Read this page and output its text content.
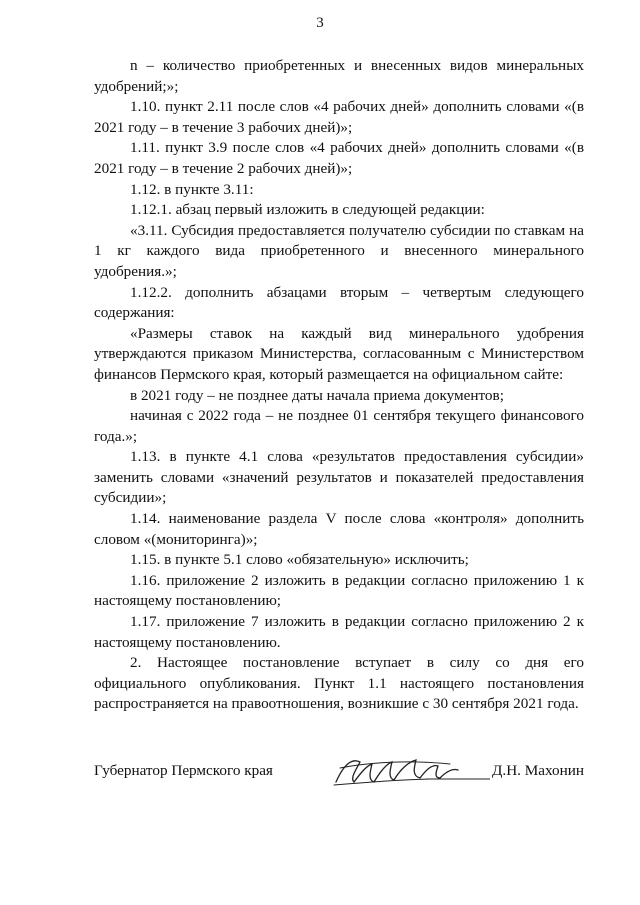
3

n – количество приобретенных и внесенных видов минеральных удобрений;»;

1.10. пункт 2.11 после слов «4 рабочих дней» дополнить словами «(в 2021 году – в течение 3 рабочих дней)»;

1.11. пункт 3.9 после слов «4 рабочих дней» дополнить словами «(в 2021 году – в течение 2 рабочих дней)»;

1.12. в пункте 3.11:

1.12.1. абзац первый изложить в следующей редакции:

«3.11. Субсидия предоставляется получателю субсидии по ставкам на 1 кг каждого вида приобретенного и внесенного минерального удобрения.»;

1.12.2. дополнить абзацами вторым – четвертым следующего содержания:

«Размеры ставок на каждый вид минерального удобрения утверждаются приказом Министерства, согласованным с Министерством финансов Пермского края, который размещается на официальном сайте:

в 2021 году – не позднее даты начала приема документов;

начиная с 2022 года – не позднее 01 сентября текущего финансового года.»;

1.13. в пункте 4.1 слова «результатов предоставления субсидии» заменить словами «значений результатов и показателей предоставления субсидии»;

1.14. наименование раздела V после слова «контроля» дополнить словом «(мониторинга)»;

1.15. в пункте 5.1 слово «обязательную» исключить;

1.16. приложение 2 изложить в редакции согласно приложению 1 к настоящему постановлению;

1.17. приложение 7 изложить в редакции согласно приложению 2 к настоящему постановлению.

2. Настоящее постановление вступает в силу со дня его официального опубликования. Пункт 1.1 настоящего постановления распространяется на правоотношения, возникшие с 30 сентября 2021 года.

Губернатор Пермского края	Д.Н. Махонин
